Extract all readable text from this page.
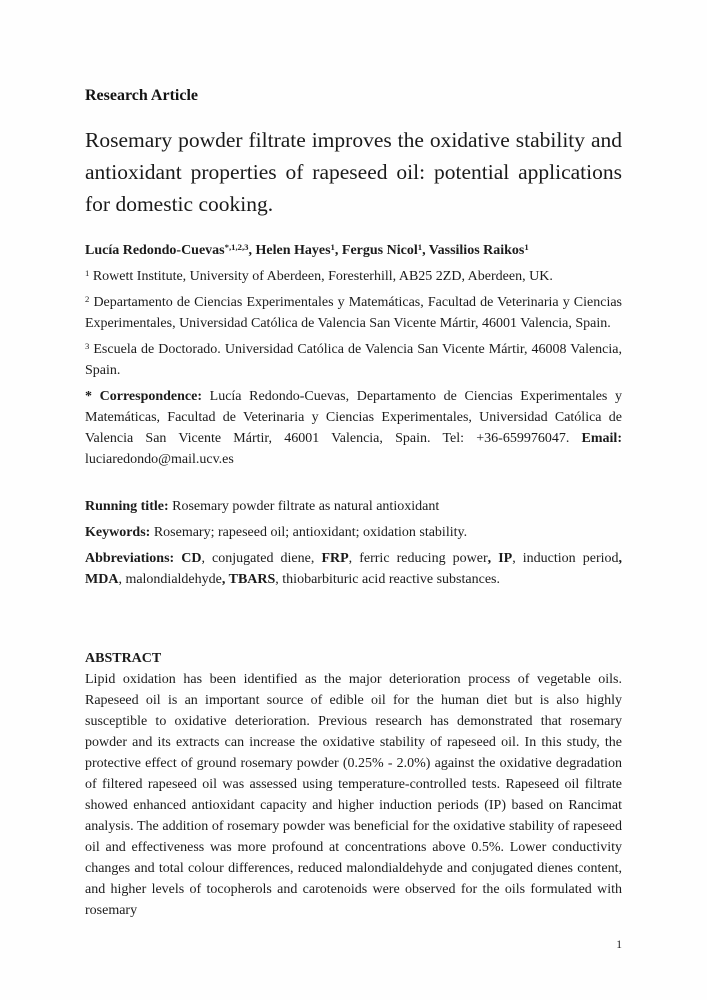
Research Article

Rosemary powder filtrate improves the oxidative stability and antioxidant properties of rapeseed oil: potential applications for domestic cooking.

Lucía Redondo-Cuevas$^{*,1,2,3}$, Helen Hayes$^1$, Fergus Nicol$^1$, Vassilios Raikos$^1$

$^1$ Rowett Institute, University of Aberdeen, Foresterhill, AB25 2ZD, Aberdeen, UK.

$^2$ Departamento de Ciencias Experimentales y Matemáticas, Facultad de Veterinaria y Ciencias Experimentales, Universidad Católica de Valencia San Vicente Mártir, 46001 Valencia, Spain.

$^3$ Escuela de Doctorado. Universidad Católica de Valencia San Vicente Mártir, 46008 Valencia, Spain.

* Correspondence: Lucía Redondo-Cuevas, Departamento de Ciencias Experimentales y Matemáticas, Facultad de Veterinaria y Ciencias Experimentales, Universidad Católica de Valencia San Vicente Mártir, 46001 Valencia, Spain. Tel: +36-659976047. Email: luciaredondo@mail.ucv.es

Running title: Rosemary powder filtrate as natural antioxidant

Keywords: Rosemary; rapeseed oil; antioxidant; oxidation stability.

Abbreviations: CD, conjugated diene, FRP, ferric reducing power, IP, induction period, MDA, malondialdehyde, TBARS, thiobarbituric acid reactive substances.

ABSTRACT

Lipid oxidation has been identified as the major deterioration process of vegetable oils. Rapeseed oil is an important source of edible oil for the human diet but is also highly susceptible to oxidative deterioration. Previous research has demonstrated that rosemary powder and its extracts can increase the oxidative stability of rapeseed oil. In this study, the protective effect of ground rosemary powder (0.25% - 2.0%) against the oxidative degradation of filtered rapeseed oil was assessed using temperature-controlled tests. Rapeseed oil filtrate showed enhanced antioxidant capacity and higher induction periods (IP) based on Rancimat analysis. The addition of rosemary powder was beneficial for the oxidative stability of rapeseed oil and effectiveness was more profound at concentrations above 0.5%. Lower conductivity changes and total colour differences, reduced malondialdehyde and conjugated dienes content, and higher levels of tocopherols and carotenoids were observed for the oils formulated with rosemary

1
